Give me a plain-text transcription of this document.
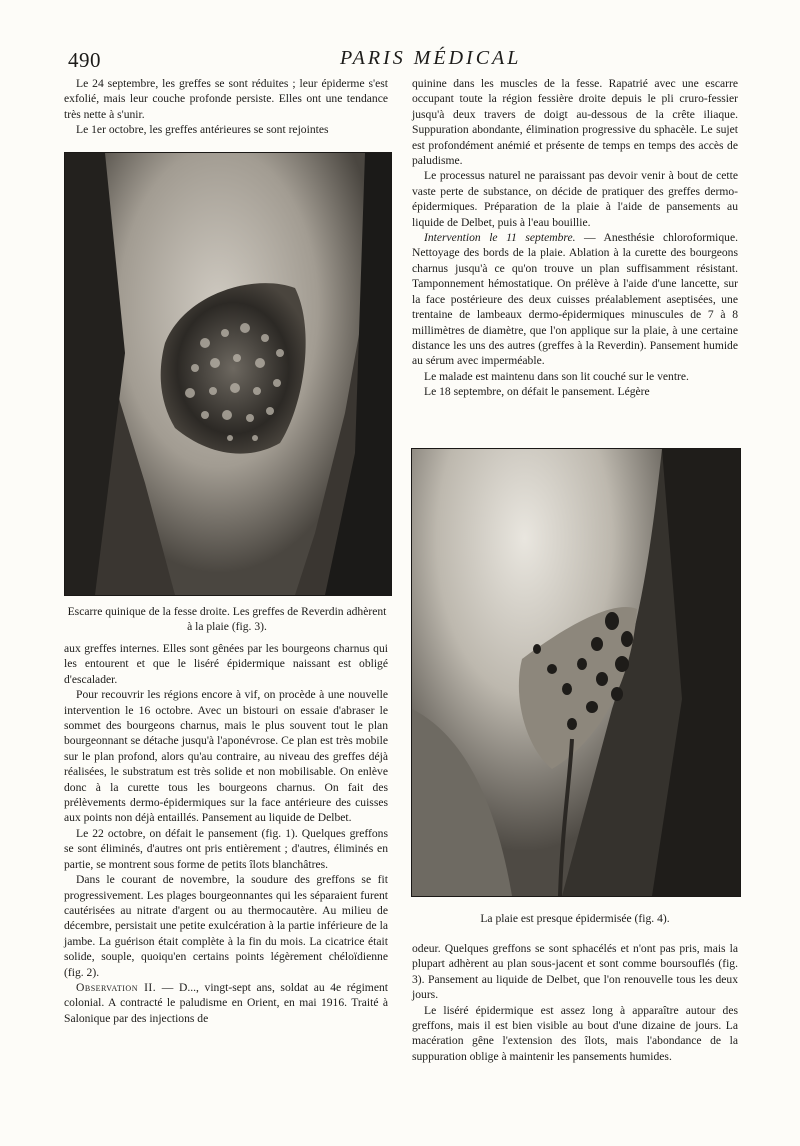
490	PARIS MÉDICAL

Le 24 septembre, les greffes se sont réduites ; leur épiderme s'est exfolié, mais leur couche profonde persiste. Elles ont une tendance très nette à s'unir.

Le 1er octobre, les greffes antérieures se sont rejointes

Escarre quinique de la fesse droite. Les greffes de Reverdin adhèrent à la plaie (fig. 3).

aux greffes internes. Elles sont gênées par les bourgeons charnus qui les entourent et que le liséré épidermique naissant est obligé d'escalader.

Pour recouvrir les régions encore à vif, on procède à une nouvelle intervention le 16 octobre. Avec un bistouri on essaie d'abraser le sommet des bourgeons charnus, mais le plus souvent tout le plan bourgeonnant se détache jusqu'à l'aponévrose. Ce plan est très mobile sur le plan profond, alors qu'au contraire, au niveau des greffes déjà réalisées, le substratum est très solide et non mobilisable. On enlève donc à la curette tous les bourgeons charnus. On fait des prélèvements dermo-épidermiques sur la face antérieure des cuisses aux points non déjà entaillés. Pansement au liquide de Delbet.

Le 22 octobre, on défait le pansement (fig. 1). Quelques greffons se sont éliminés, d'autres ont pris entièrement ; d'autres, éliminés en partie, se montrent sous forme de petits îlots blanchâtres.

Dans le courant de novembre, la soudure des greffons se fit progressivement. Les plages bourgeonnantes qui les séparaient furent cautérisées au nitrate d'argent ou au thermocautère. Au milieu de décembre, persistait une petite exulcération à la partie inférieure de la jambe. La guérison était complète à la fin du mois. La cicatrice était solide, souple, quoiqu'en certains points légèrement chéloïdienne (fig. 2).

Observation II. — D..., vingt-sept ans, soldat au 4e régiment colonial. A contracté le paludisme en Orient, en mai 1916. Traité à Salonique par des injections de

quinine dans les muscles de la fesse. Rapatrié avec une escarre occupant toute la région fessière droite depuis le pli cruro-fessier jusqu'à deux travers de doigt au-dessous de la crête iliaque. Suppuration abondante, élimination progressive du sphacèle. Le sujet est profondément anémié et présente de temps en temps des accès de paludisme.

Le processus naturel ne paraissant pas devoir venir à bout de cette vaste perte de substance, on décide de pratiquer des greffes dermo-épidermiques. Préparation de la plaie à l'aide de pansements au liquide de Delbet, puis à l'eau bouillie.

Intervention le 11 septembre. — Anesthésie chloroformique. Nettoyage des bords de la plaie. Ablation à la curette des bourgeons charnus jusqu'à ce qu'on trouve un plan suffisamment résistant. Tamponnement hémostatique. On prélève à l'aide d'une lancette, sur la face postérieure des deux cuisses préalablement aseptisées, une trentaine de lambeaux dermo-épidermiques minuscules de 7 à 8 millimètres de diamètre, que l'on applique sur la plaie, à une certaine distance les uns des autres (greffes à la Reverdin). Pansement humide au sérum avec imperméable.

Le malade est maintenu dans son lit couché sur le ventre.

Le 18 septembre, on défait le pansement. Légère

La plaie est presque épidermisée (fig. 4).

odeur. Quelques greffons se sont sphacélés et n'ont pas pris, mais la plupart adhèrent au plan sous-jacent et sont comme boursouflés (fig. 3). Pansement au liquide de Delbet, que l'on renouvelle tous les deux jours.

Le liséré épidermique est assez long à apparaître autour des greffons, mais il est bien visible au bout d'une dizaine de jours. La macération gêne l'extension des îlots, mais l'abondance de la suppuration oblige à maintenir les pansements humides.
